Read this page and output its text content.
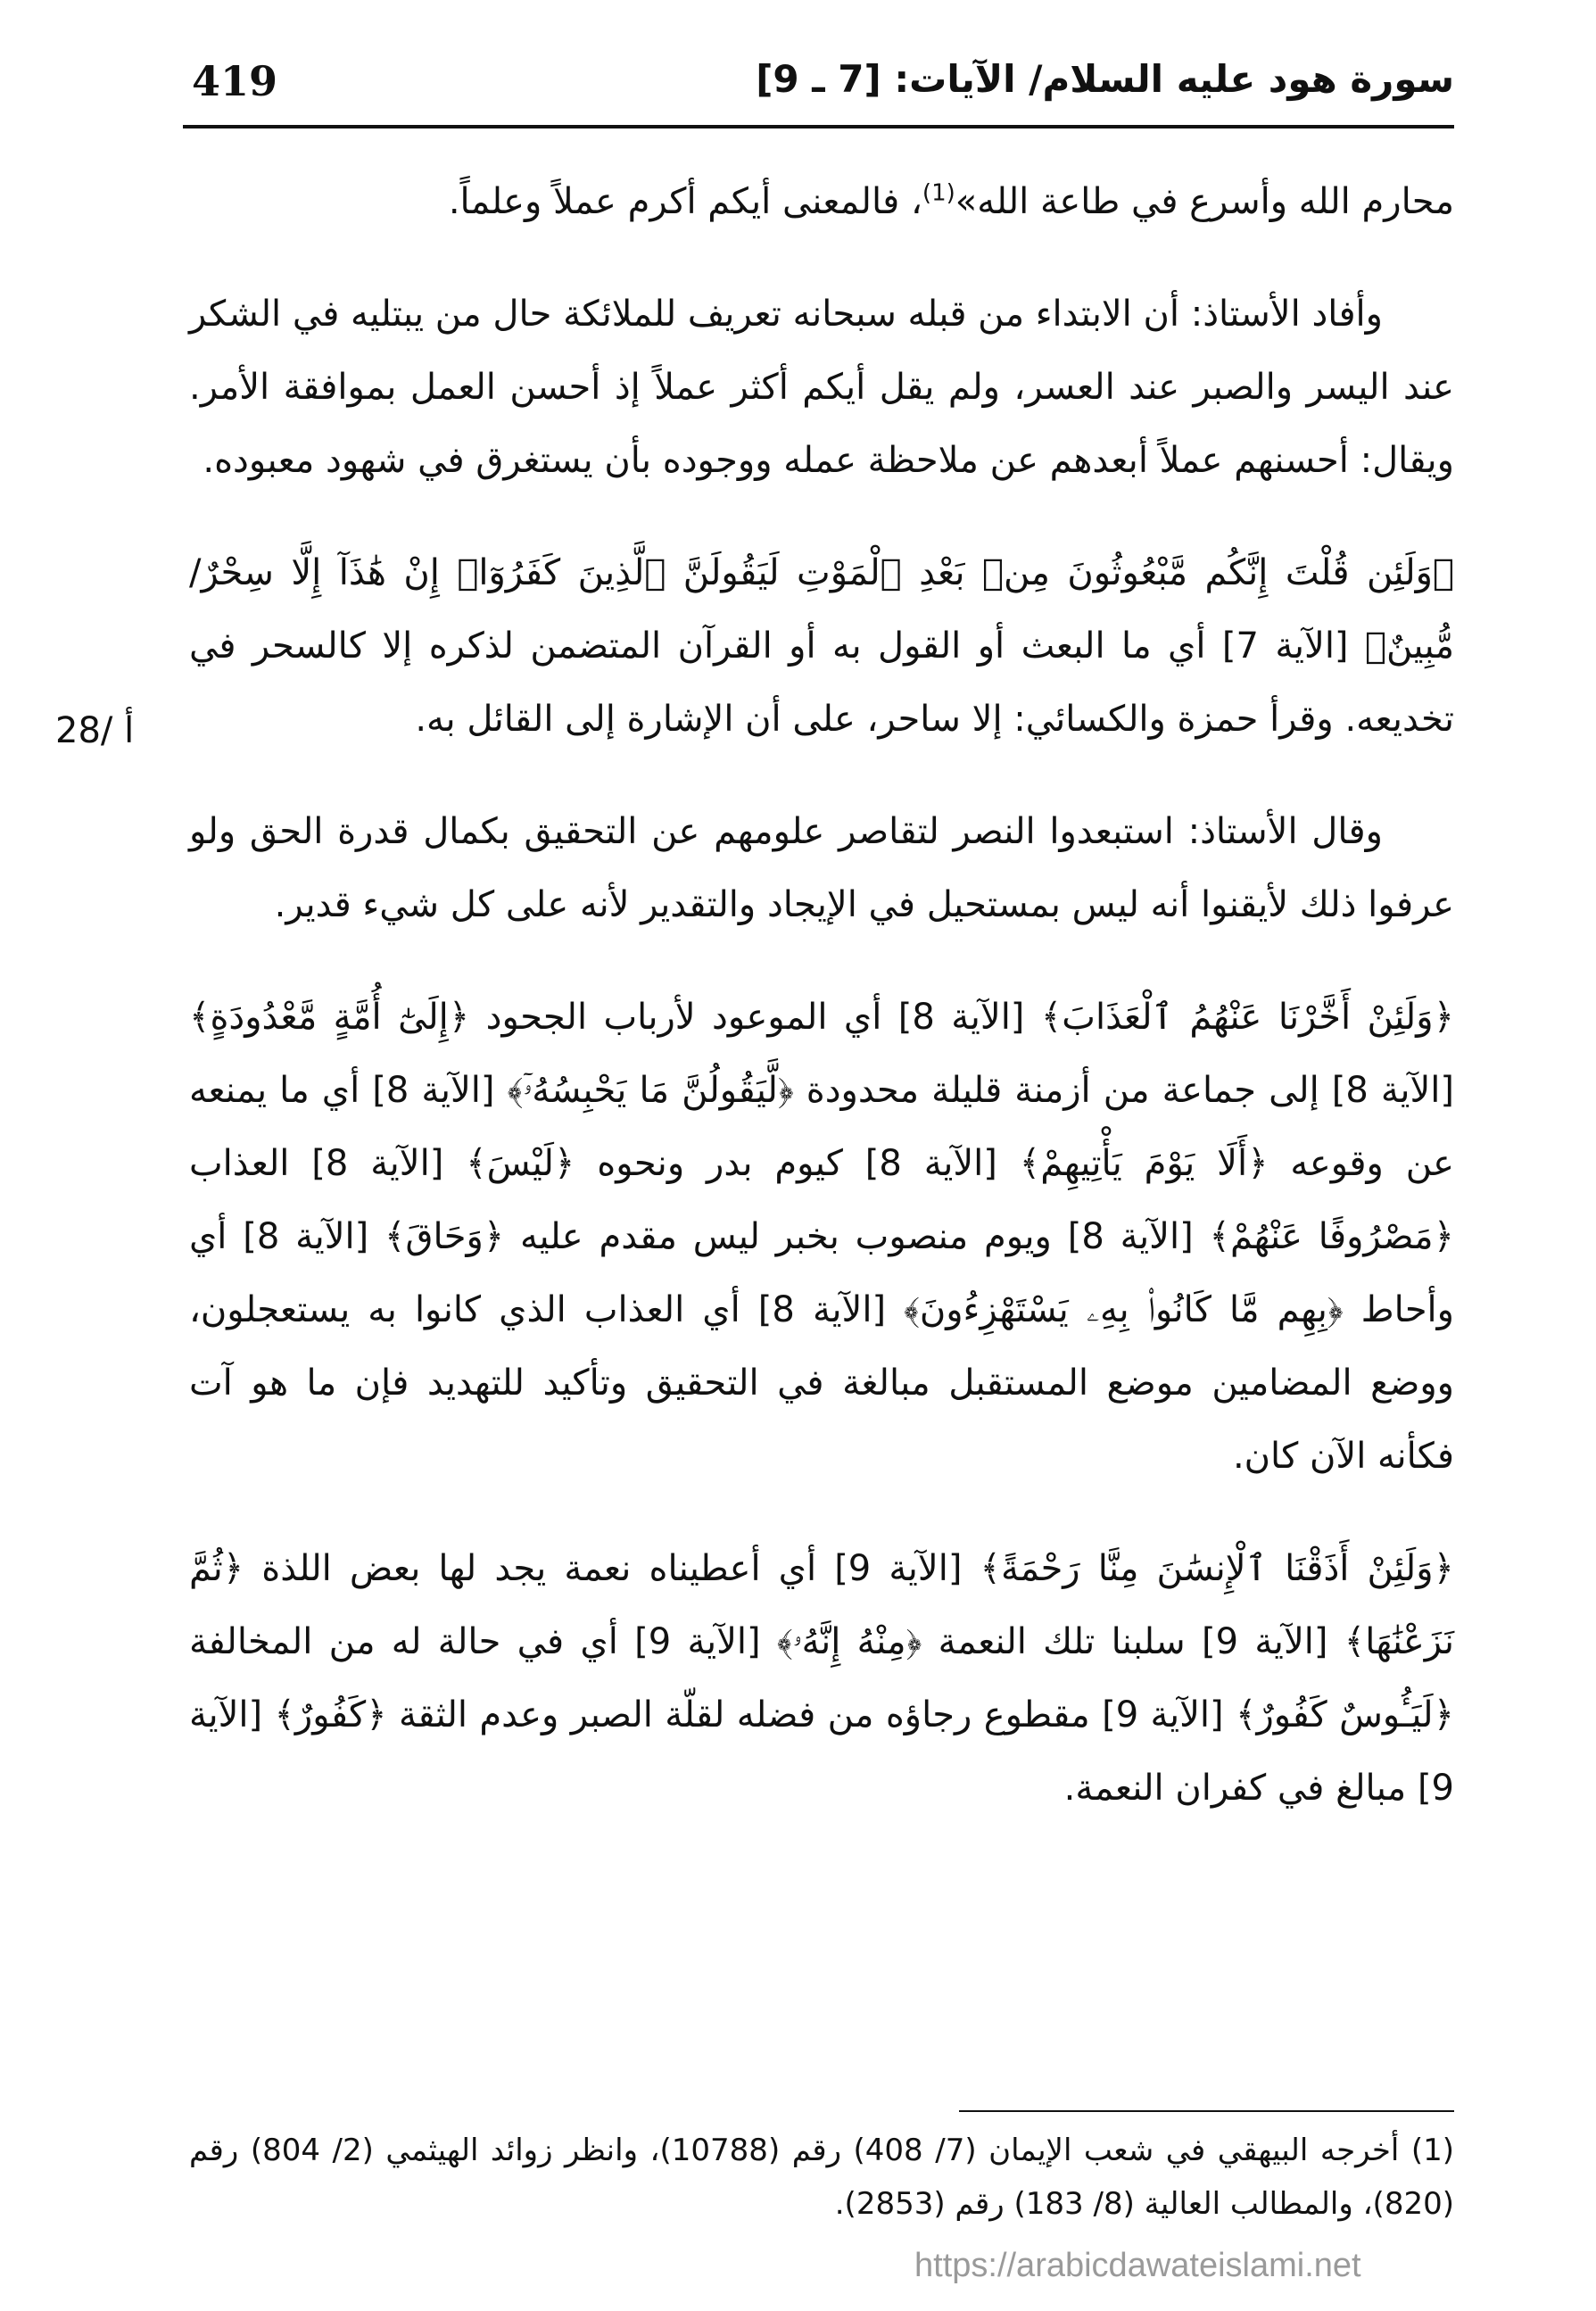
419	سورة هود عليه السلام/ الآيات: [7 ـ 9]
28/ أ

محارم الله وأسرع في طاعة الله»$^{(1)}$، فالمعنى أيكم أكرم عملاً وعلماً.

وأفاد الأستاذ: أن الابتداء من قبله سبحانه تعريف للملائكة حال من يبتليه في الشكر عند اليسر والصبر عند العسر، ولم يقل أيكم أكثر عملاً إذ أحسن العمل بموافقة الأمر. ويقال: أحسنهم عملاً أبعدهم عن ملاحظة عمله ووجوده بأن يستغرق في شهود معبوده.

﴿وَلَئِن قُلْتَ إِنَّكُم مَّبْعُوثُونَ مِنۢ بَعْدِ ٱلْمَوْتِ لَيَقُولَنَّ ٱلَّذِينَ كَفَرُوٓا۟ إِنْ هَٰذَآ إِلَّا سِحْرٌ/ مُّبِينٌ﴾ [الآية 7] أي ما البعث أو القول به أو القرآن المتضمن لذكره إلا كالسحر في تخديعه. وقرأ حمزة والكسائي: إلا ساحر، على أن الإشارة إلى القائل به.

وقال الأستاذ: استبعدوا النصر لتقاصر علومهم عن التحقيق بكمال قدرة الحق ولو عرفوا ذلك لأيقنوا أنه ليس بمستحيل في الإيجاد والتقدير لأنه على كل شيء قدير.

﴿وَلَئِنْ أَخَّرْنَا عَنْهُمُ ٱلْعَذَابَ﴾ [الآية 8] أي الموعود لأرباب الجحود ﴿إِلَىٰٓ أُمَّةٍ مَّعْدُودَةٍ﴾ [الآية 8] إلى جماعة من أزمنة قليلة محدودة ﴿لَّيَقُولُنَّ مَا يَحْبِسُهُۥٓ﴾ [الآية 8] أي ما يمنعه عن وقوعه ﴿أَلَا يَوْمَ يَأْتِيهِمْ﴾ [الآية 8] كيوم بدر ونحوه ﴿لَيْسَ﴾ [الآية 8] العذاب ﴿مَصْرُوفًا عَنْهُمْ﴾ [الآية 8] ويوم منصوب بخبر ليس مقدم عليه ﴿وَحَاقَ﴾ [الآية 8] أي وأحاط ﴿بِهِم مَّا كَانُوا۟ بِهِۦ يَسْتَهْزِءُونَ﴾ [الآية 8] أي العذاب الذي كانوا به يستعجلون، ووضع المضامين موضع المستقبل مبالغة في التحقيق وتأكيد للتهديد فإن ما هو آت فكأنه الآن كان.

﴿وَلَئِنْ أَذَقْنَا ٱلْإِنسَٰنَ مِنَّا رَحْمَةً﴾ [الآية 9] أي أعطيناه نعمة يجد لها بعض اللذة ﴿ثُمَّ نَزَعْنَٰهَا﴾ [الآية 9] سلبنا تلك النعمة ﴿مِنْهُ إِنَّهُۥ﴾ [الآية 9] أي في حالة له من المخالفة ﴿لَيَـُٔوسٌ كَفُورٌ﴾ [الآية 9] مقطوع رجاؤه من فضله لقلّة الصبر وعدم الثقة ﴿كَفُورٌ﴾ [الآية 9] مبالغ في كفران النعمة.

(1) أخرجه البيهقي في شعب الإيمان (7/ 408) رقم (10788)، وانظر زوائد الهيثمي (2/ 804) رقم (820)، والمطالب العالية (8/ 183) رقم (2853).

https://arabicdawateislami.net
